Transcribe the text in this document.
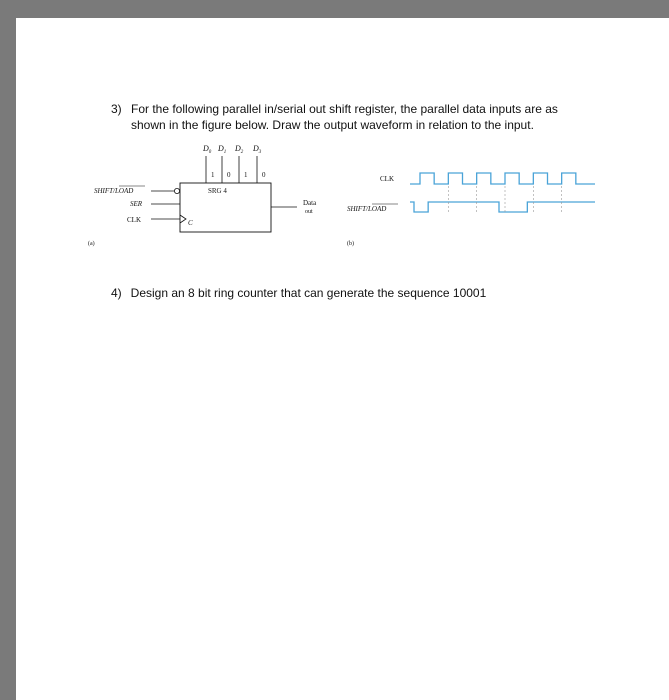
3) For the following parallel in/serial out shift register, the parallel data inputs are as
shown in the figure below. Draw the output waveform in relation to the input.
$D_0$ $D_1$ $D_2$ $D_3$
1 0 1 0
SRG 4
SHIFT/LOAD
SER
CLK	C
Data
out
(a)
CLK
SHIFT/LOAD
(b)
4) Design an 8 bit ring counter that can generate the sequence 10001
